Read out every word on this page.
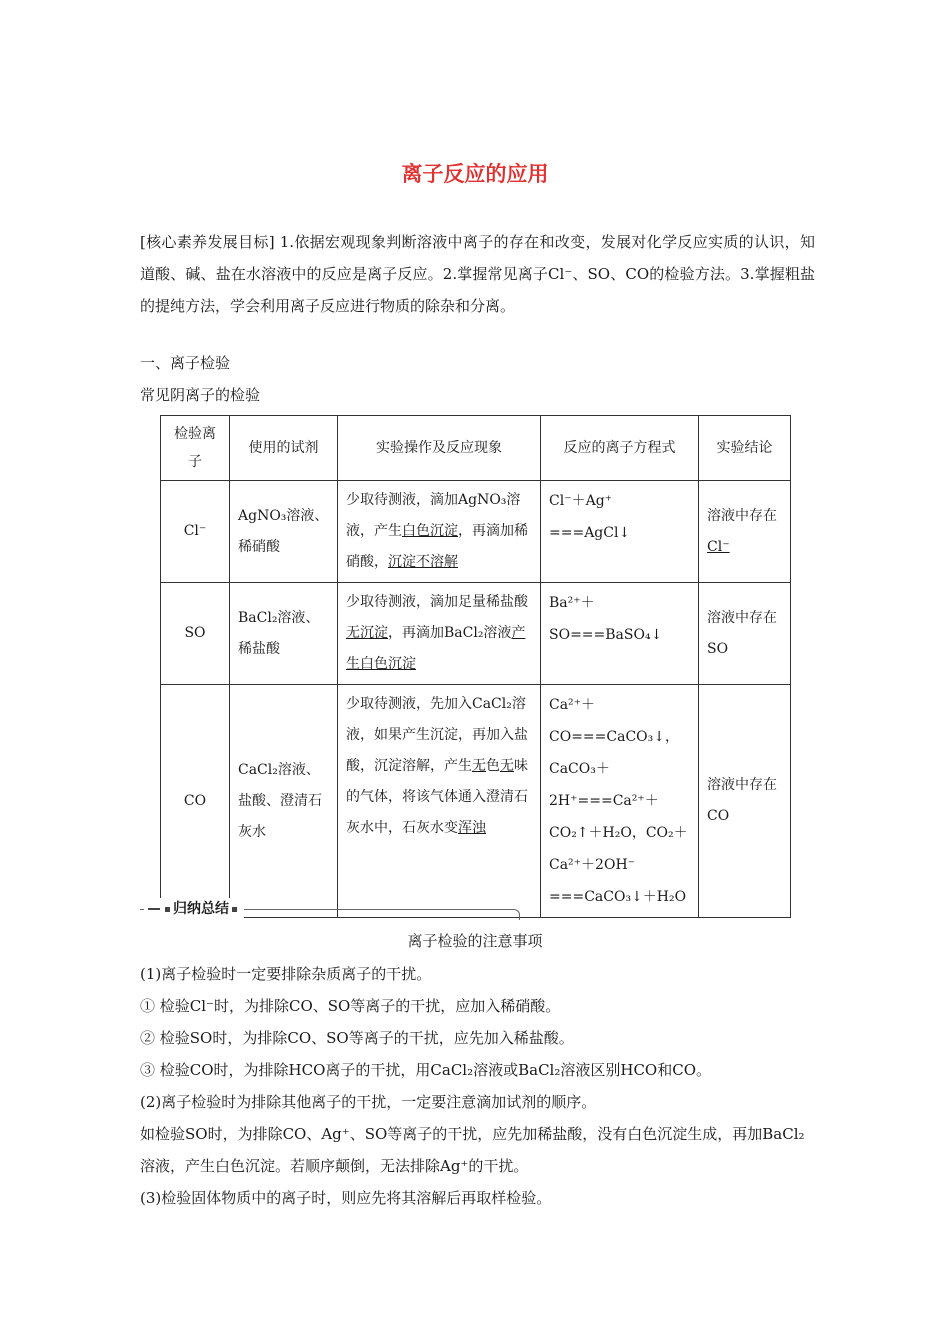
离子反应的应用
[核心素养发展目标] 1.依据宏观现象判断溶液中离子的存在和改变，发展对化学反应实质的认识，知道酸、碱、盐在水溶液中的反应是离子反应。2.掌握常见离子Cl⁻、SO、CO的检验方法。3.掌握粗盐的提纯方法，学会利用离子反应进行物质的除杂和分离。
一、离子检验
常见阴离子的检验
检验离子	使用的试剂	实验操作及反应现象	反应的离子方程式	实验结论
Cl⁻	AgNO₃溶液、稀硝酸	少取待测液，滴加AgNO₃溶液，产生白色沉淀，再滴加稀硝酸，沉淀不溶解	Cl⁻＋Ag⁺ ===AgCl↓	溶液中存在Cl⁻
SO	BaCl₂溶液、稀盐酸	少取待测液，滴加足量稀盐酸无沉淀，再滴加BaCl₂溶液产生白色沉淀	Ba²⁺＋ SO===BaSO₄↓	溶液中存在SO
CO	CaCl₂溶液、盐酸、澄清石灰水	少取待测液，先加入CaCl₂溶液，如果产生沉淀，再加入盐酸，沉淀溶解，产生无色无味的气体，将该气体通入澄清石灰水中，石灰水变浑浊	Ca²⁺＋ CO===CaCO₃↓，CaCO₃＋2H⁺===Ca²⁺＋ CO₂↑＋H₂O，CO₂＋ Ca²⁺＋2OH⁻ ===CaCO₃↓＋H₂O	溶液中存在CO
归纳总结
离子检验的注意事项

(1)离子检验时一定要排除杂质离子的干扰。

① 检验Cl⁻时，为排除CO、SO等离子的干扰，应加入稀硝酸。

② 检验SO时，为排除CO、SO等离子的干扰，应先加入稀盐酸。

③ 检验CO时，为排除HCO离子的干扰，用CaCl₂溶液或BaCl₂溶液区别HCO和CO。

(2)离子检验时为排除其他离子的干扰，一定要注意滴加试剂的顺序。

如检验SO时，为排除CO、Ag⁺、SO等离子的干扰，应先加稀盐酸，没有白色沉淀生成，再加BaCl₂溶液，产生白色沉淀。若顺序颠倒，无法排除Ag⁺的干扰。

(3)检验固体物质中的离子时，则应先将其溶解后再取样检验。
